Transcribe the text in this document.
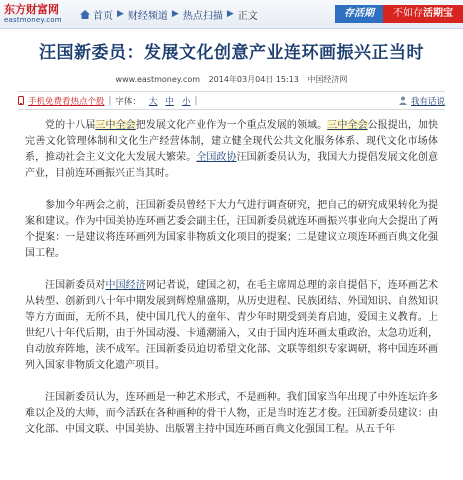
东方财富网
eastmoney.com	首页 ▶ 财经频道 ▶ 热点扫描 ▶ 正文	存活期	不如存活期宝
汪国新委员：发展文化创意产业连环画振兴正当时
www.eastmoney.com 2014年03月04日 15:13 中国经济网
手机免费看热点个股 | 字体： 大 中 小 |	我有话说

党的十八届三中全会把发展文化产业作为一个重点发展的领域。三中全会公报提出，加快完善文化管理体制和文化生产经营体制，建立健全现代公共文化服务体系、现代文化市场体系，推动社会主义文化大发展大繁荣。全国政协汪国新委员认为，我国大力提倡发展文化创意产业，目前连环画振兴正当其时。

参加今年两会之前，汪国新委员曾经下大力气进行调查研究，把自己的研究成果转化为提案和建议。作为中国美协连环画艺委会副主任，汪国新委员就连环画振兴事业向大会提出了两个提案：一是建议将连环画列为国家非物质文化项目的提案；二是建议立项连环画百典文化强国工程。

汪国新委员对中国经济网记者说，建国之初，在毛主席周总理的亲自提倡下，连环画艺术从转型、创新到八十年中期发展到辉煌鼎盛期，从历史进程、民族团结、外国知识、自然知识等方方面面，无所不具，使中国几代人的童年、青少年时期受到美育启迪，爱国主义教育。上世纪八十年代后期，由于外国动漫、卡通潮涌入，又由于国内连环画太重政治，太急功近利，自动放弃阵地，渎不成军。汪国新委员迫切希望文化部、文联等组织专家调研，将中国连环画列入国家非物质文化遗产项目。

汪国新委员认为，连环画是一种艺术形式，不是画种。我们国家当年出现了中外连坛许多难以企及的大师，而今活跃在各种画种的骨干人物，正是当时连艺才俊。汪国新委员建议：由文化部、中国文联、中国美协、出版署主持中国连环画百典文化强国工程。从五千年
